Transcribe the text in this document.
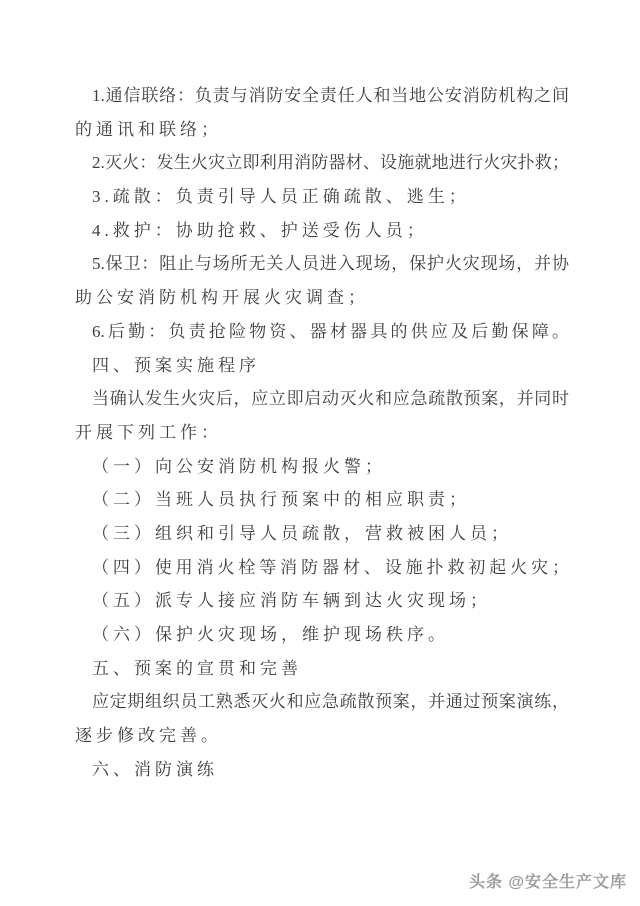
1.通信联络：负责与消防安全责任人和当地公安消防机构之间
的通讯和联络；
2.灭火：发生火灾立即利用消防器材、设施就地进行火灾扑救；
3.疏散：负责引导人员正确疏散、逃生；
4.救护：协助抢救、护送受伤人员；
5.保卫：阻止与场所无关人员进入现场，保护火灾现场，并协
助公安消防机构开展火灾调查；
6.后勤：负责抢险物资、器材器具的供应及后勤保障。
四、预案实施程序
当确认发生火灾后，应立即启动灭火和应急疏散预案，并同时
开展下列工作：
（一）向公安消防机构报火警；
（二）当班人员执行预案中的相应职责；
（三）组织和引导人员疏散，营救被困人员；
（四）使用消火栓等消防器材、设施扑救初起火灾；
（五）派专人接应消防车辆到达火灾现场；
（六）保护火灾现场，维护现场秩序。
五、预案的宣贯和完善
应定期组织员工熟悉灭火和应急疏散预案，并通过预案演练，
逐步修改完善。
六、消防演练
头条 @安全生产文库
